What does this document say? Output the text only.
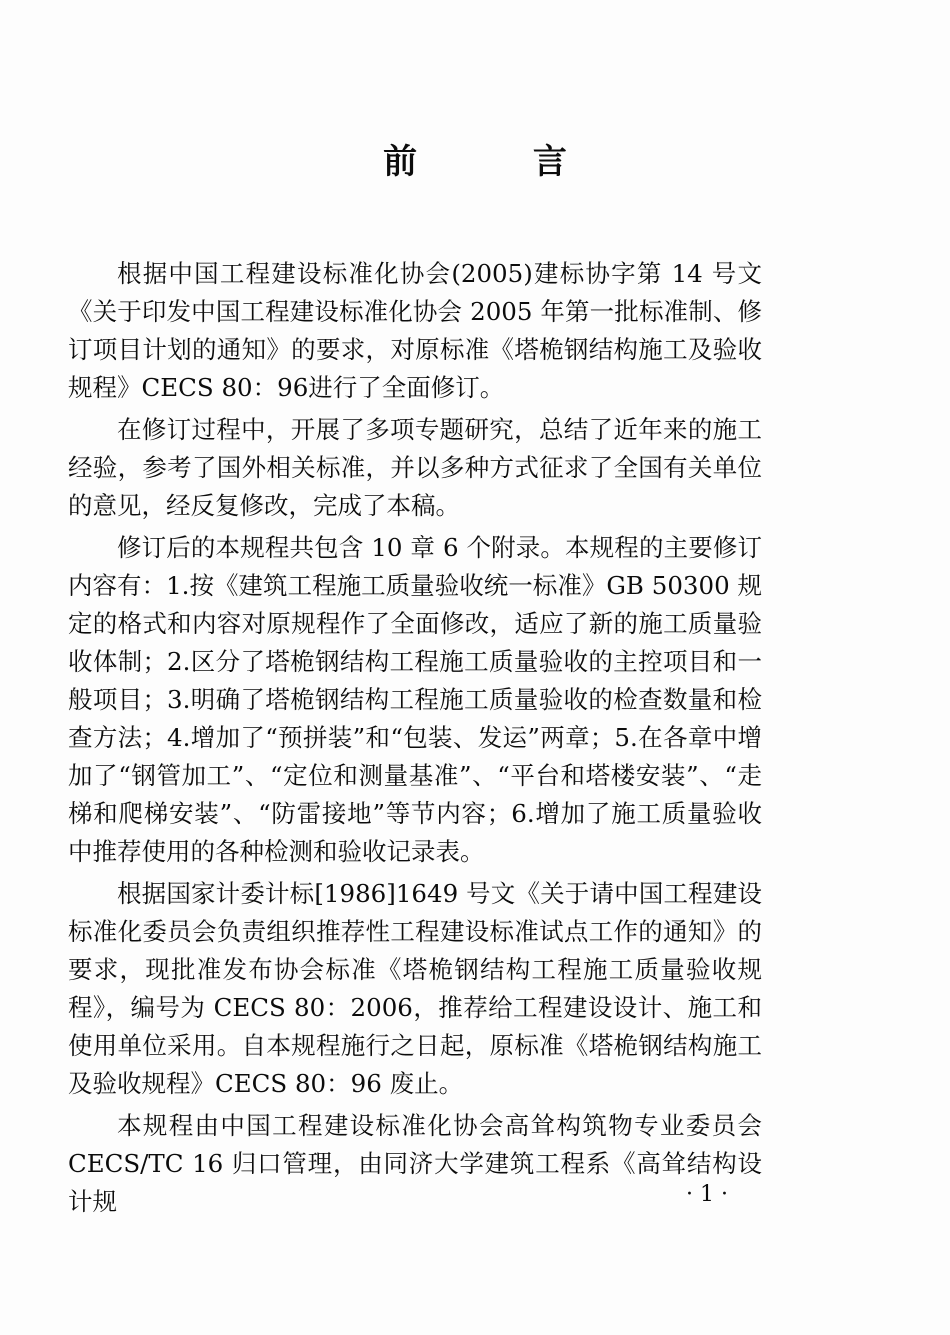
前 言

根据中国工程建设标准化协会(2005)建标协字第 14 号文《关于印发中国工程建设标准化协会 2005 年第一批标准制、修订项目计划的通知》的要求，对原标准《塔桅钢结构施工及验收规程》CECS 80：96进行了全面修订。

在修订过程中，开展了多项专题研究，总结了近年来的施工经验，参考了国外相关标准，并以多种方式征求了全国有关单位的意见，经反复修改，完成了本稿。

修订后的本规程共包含 10 章 6 个附录。本规程的主要修订内容有：1.按《建筑工程施工质量验收统一标准》GB 50300 规定的格式和内容对原规程作了全面修改，适应了新的施工质量验收体制；2.区分了塔桅钢结构工程施工质量验收的主控项目和一般项目；3.明确了塔桅钢结构工程施工质量验收的检查数量和检查方法；4.增加了“预拼装”和“包装、发运”两章；5.在各章中增加了“钢管加工”、“定位和测量基准”、“平台和塔楼安装”、“走梯和爬梯安装”、“防雷接地”等节内容；6.增加了施工质量验收中推荐使用的各种检测和验收记录表。

根据国家计委计标[1986]1649 号文《关于请中国工程建设标准化委员会负责组织推荐性工程建设标准试点工作的通知》的要求，现批准发布协会标准《塔桅钢结构工程施工质量验收规程》，编号为 CECS 80：2006，推荐给工程建设设计、施工和使用单位采用。自本规程施行之日起，原标准《塔桅钢结构施工及验收规程》CECS 80：96 废止。

本规程由中国工程建设标准化协会高耸构筑物专业委员会CECS/TC 16 归口管理，由同济大学建筑工程系《高耸结构设计规	· 1 ·
